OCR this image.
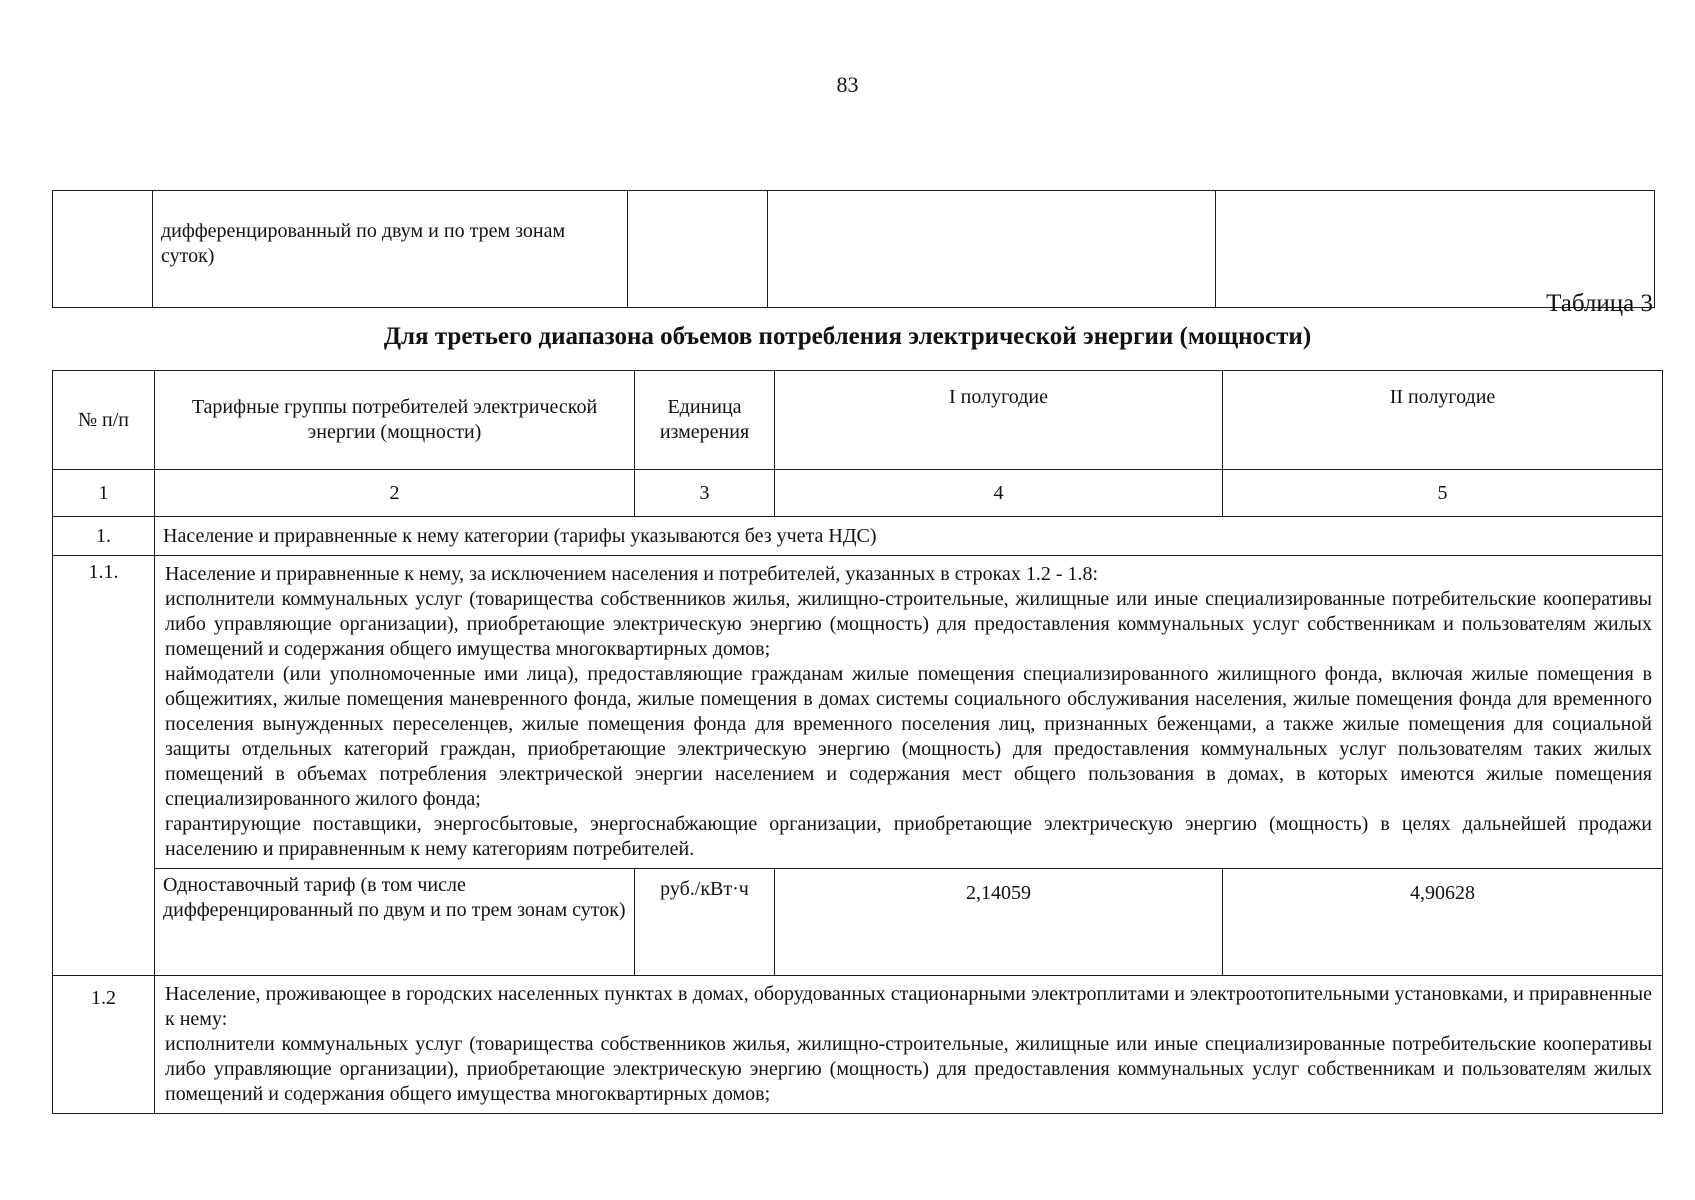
83
	дифференцированный по двум и по трем зонам суток)			
Таблица 3
Для третьего диапазона объемов потребления электрической энергии (мощности)
№ п/п	Тарифные группы потребителей электрической энергии (мощности)	Единица измерения	I полугодие	II полугодие
1	2	3	4	5
1.	Население и приравненные к нему категории (тарифы указываются без учета НДС)			
1.1.	Население и приравненные к нему, за исключением населения и потребителей, указанных в строках 1.2 - 1.8:
исполнители коммунальных услуг (товарищества собственников жилья, жилищно-строительные, жилищные или иные специализированные потребительские кооперативы либо управляющие организации), приобретающие электрическую энергию (мощность) для предоставления коммунальных услуг собственникам и пользователям жилых помещений и содержания общего имущества многоквартирных домов;
наймодатели (или уполномоченные ими лица), предоставляющие гражданам жилые помещения специализированного жилищного фонда, включая жилые помещения в общежитиях, жилые помещения маневренного фонда, жилые помещения в домах системы социального обслуживания населения, жилые помещения фонда для временного поселения вынужденных переселенцев, жилые помещения фонда для временного поселения лиц, признанных беженцами, а также жилые помещения для социальной защиты отдельных категорий граждан, приобретающие электрическую энергию (мощность) для предоставления коммунальных услуг пользователям таких жилых помещений в объемах потребления электрической энергии населением и содержания мест общего пользования в домах, в которых имеются жилые помещения специализированного жилого фонда;
гарантирующие поставщики, энергосбытовые, энергоснабжающие организации, приобретающие электрическую энергию (мощность) в целях дальнейшей продажи населению и приравненным к нему категориям потребителей.			

	Одноставочный тариф (в том числе дифференцированный по двум и по трем зонам суток)	руб./кВт·ч	2,14059	4,90628
1.2	Население, проживающее в городских населенных пунктах в домах, оборудованных стационарными электроплитами и электроотопительными установками, и приравненные к нему:
исполнители коммунальных услуг (товарищества собственников жилья, жилищно-строительные, жилищные или иные специализированные потребительские кооперативы либо управляющие организации), приобретающие электрическую энергию (мощность) для предоставления коммунальных услуг собственникам и пользователям жилых помещений и содержания общего имущества многоквартирных домов;			
